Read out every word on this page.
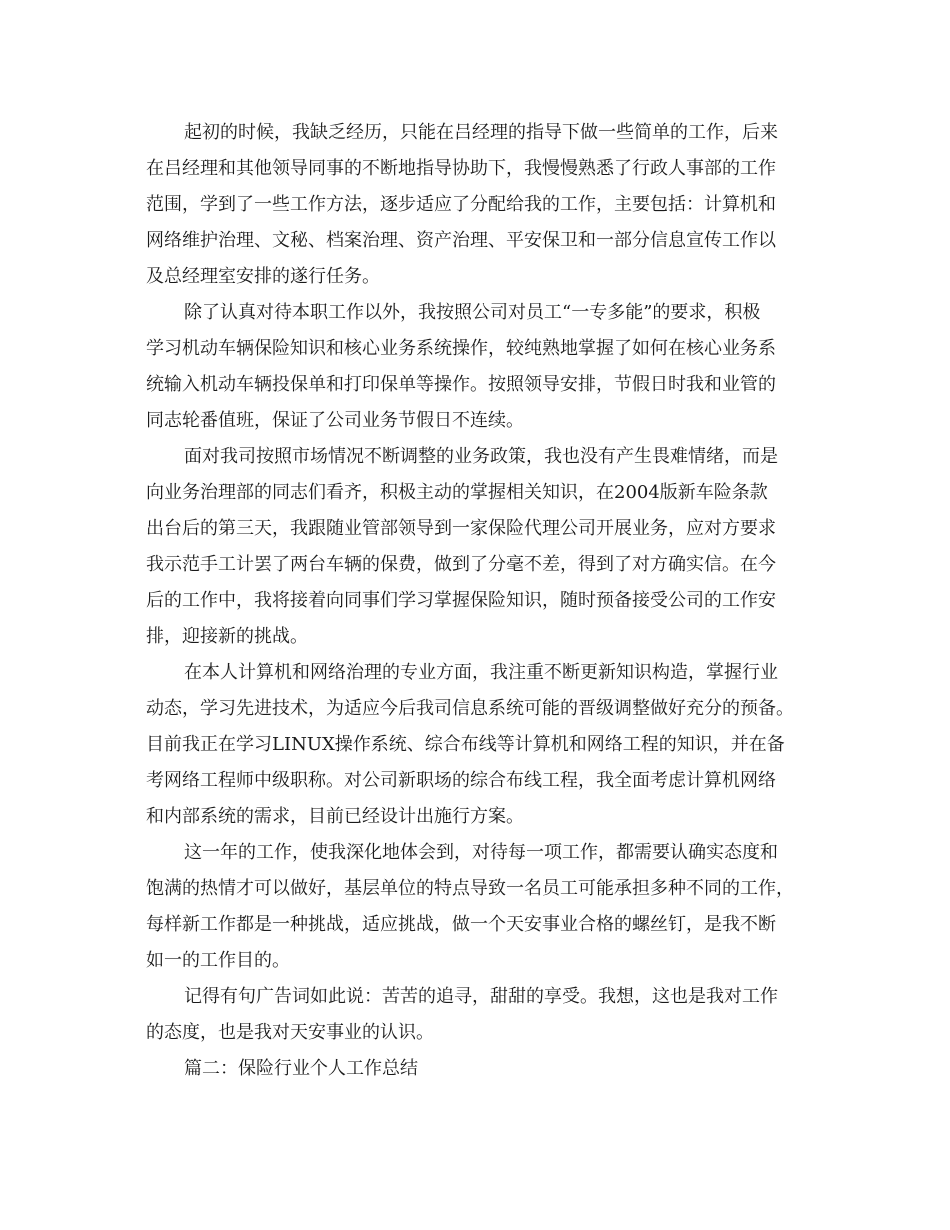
起初的时候，我缺乏经历，只能在吕经理的指导下做一些简单的工作，后来
在吕经理和其他领导同事的不断地指导协助下，我慢慢熟悉了行政人事部的工作
范围，学到了一些工作方法，逐步适应了分配给我的工作，主要包括：计算机和
网络维护治理、文秘、档案治理、资产治理、平安保卫和一部分信息宣传工作以
及总经理室安排的遂行任务。
除了认真对待本职工作以外，我按照公司对员工“一专多能”的要求，积极
学习机动车辆保险知识和核心业务系统操作，较纯熟地掌握了如何在核心业务系
统输入机动车辆投保单和打印保单等操作。按照领导安排，节假日时我和业管的
同志轮番值班，保证了公司业务节假日不连续。
面对我司按照市场情况不断调整的业务政策，我也没有产生畏难情绪，而是
向业务治理部的同志们看齐，积极主动的掌握相关知识，在2004版新车险条款
出台后的第三天，我跟随业管部领导到一家保险代理公司开展业务，应对方要求
我示范手工计罢了两台车辆的保费，做到了分毫不差，得到了对方确实信。在今
后的工作中，我将接着向同事们学习掌握保险知识，随时预备接受公司的工作安
排，迎接新的挑战。
在本人计算机和网络治理的专业方面，我注重不断更新知识构造，掌握行业
动态，学习先进技术，为适应今后我司信息系统可能的晋级调整做好充分的预备。
目前我正在学习LINUX操作系统、综合布线等计算机和网络工程的知识，并在备
考网络工程师中级职称。对公司新职场的综合布线工程，我全面考虑计算机网络
和内部系统的需求，目前已经设计出施行方案。
这一年的工作，使我深化地体会到，对待每一项工作，都需要认确实态度和
饱满的热情才可以做好，基层单位的特点导致一名员工可能承担多种不同的工作，
每样新工作都是一种挑战，适应挑战，做一个天安事业合格的螺丝钉，是我不断
如一的工作目的。
记得有句广告词如此说：苦苦的追寻，甜甜的享受。我想，这也是我对工作
的态度，也是我对天安事业的认识。
篇二：保险行业个人工作总结
